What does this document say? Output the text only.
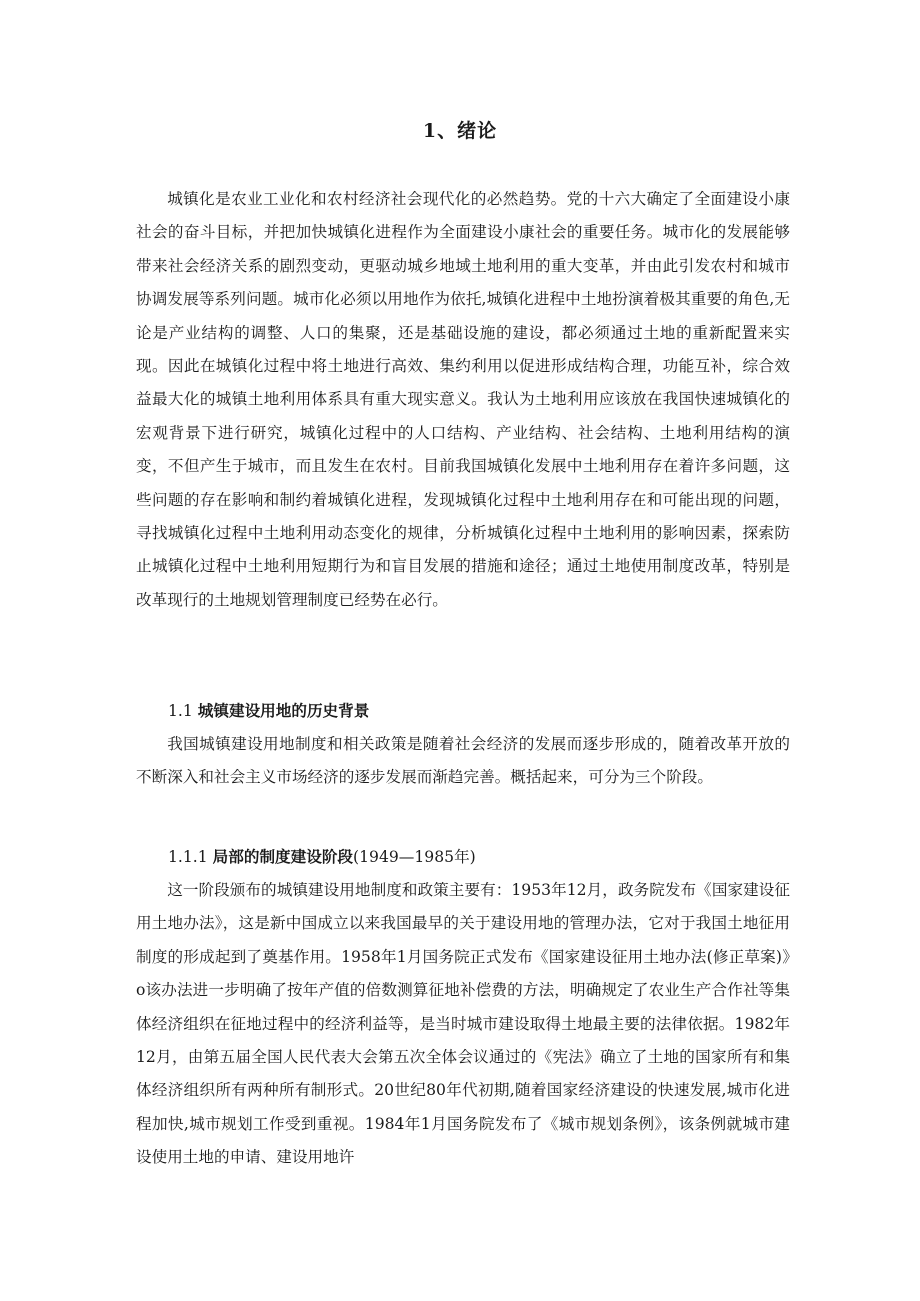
1、绪论

城镇化是农业工业化和农村经济社会现代化的必然趋势。党的十六大确定了全面建设小康社会的奋斗目标，并把加快城镇化进程作为全面建设小康社会的重要任务。城市化的发展能够带来社会经济关系的剧烈变动，更驱动城乡地域土地利用的重大变革，并由此引发农村和城市协调发展等系列问题。城市化必须以用地作为依托,城镇化进程中土地扮演着极其重要的角色,无论是产业结构的调整、人口的集聚，还是基础设施的建设，都必须通过土地的重新配置来实现。因此在城镇化过程中将土地进行高效、集约利用以促进形成结构合理，功能互补，综合效益最大化的城镇土地利用体系具有重大现实意义。我认为土地利用应该放在我国快速城镇化的宏观背景下进行研究，城镇化过程中的人口结构、产业结构、社会结构、土地利用结构的演变，不但产生于城市，而且发生在农村。目前我国城镇化发展中土地利用存在着许多问题，这些问题的存在影响和制约着城镇化进程，发现城镇化过程中土地利用存在和可能出现的问题，寻找城镇化过程中土地利用动态变化的规律，分析城镇化过程中土地利用的影响因素，探索防止城镇化过程中土地利用短期行为和盲目发展的措施和途径；通过土地使用制度改革，特别是改革现行的土地规划管理制度已经势在必行。

1.1 城镇建设用地的历史背景

我国城镇建设用地制度和相关政策是随着社会经济的发展而逐步形成的，随着改革开放的不断深入和社会主义市场经济的逐步发展而渐趋完善。概括起来，可分为三个阶段。

1.1.1 局部的制度建设阶段(1949—1985年)

这一阶段颁布的城镇建设用地制度和政策主要有：1953年12月，政务院发布《国家建设征用土地办法》，这是新中国成立以来我国最早的关于建设用地的管理办法，它对于我国土地征用制度的形成起到了奠基作用。1958年1月国务院正式发布《国家建设征用土地办法(修正草案)》o该办法进一步明确了按年产值的倍数测算征地补偿费的方法，明确规定了农业生产合作社等集体经济组织在征地过程中的经济利益等，是当时城市建设取得土地最主要的法律依据。1982年12月，由第五届全国人民代表大会第五次全体会议通过的《宪法》确立了土地的国家所有和集体经济组织所有两种所有制形式。20世纪80年代初期,随着国家经济建设的快速发展,城市化进程加快,城市规划工作受到重视。1984年1月国务院发布了《城市规划条例》，该条例就城市建设使用土地的申请、建设用地许
